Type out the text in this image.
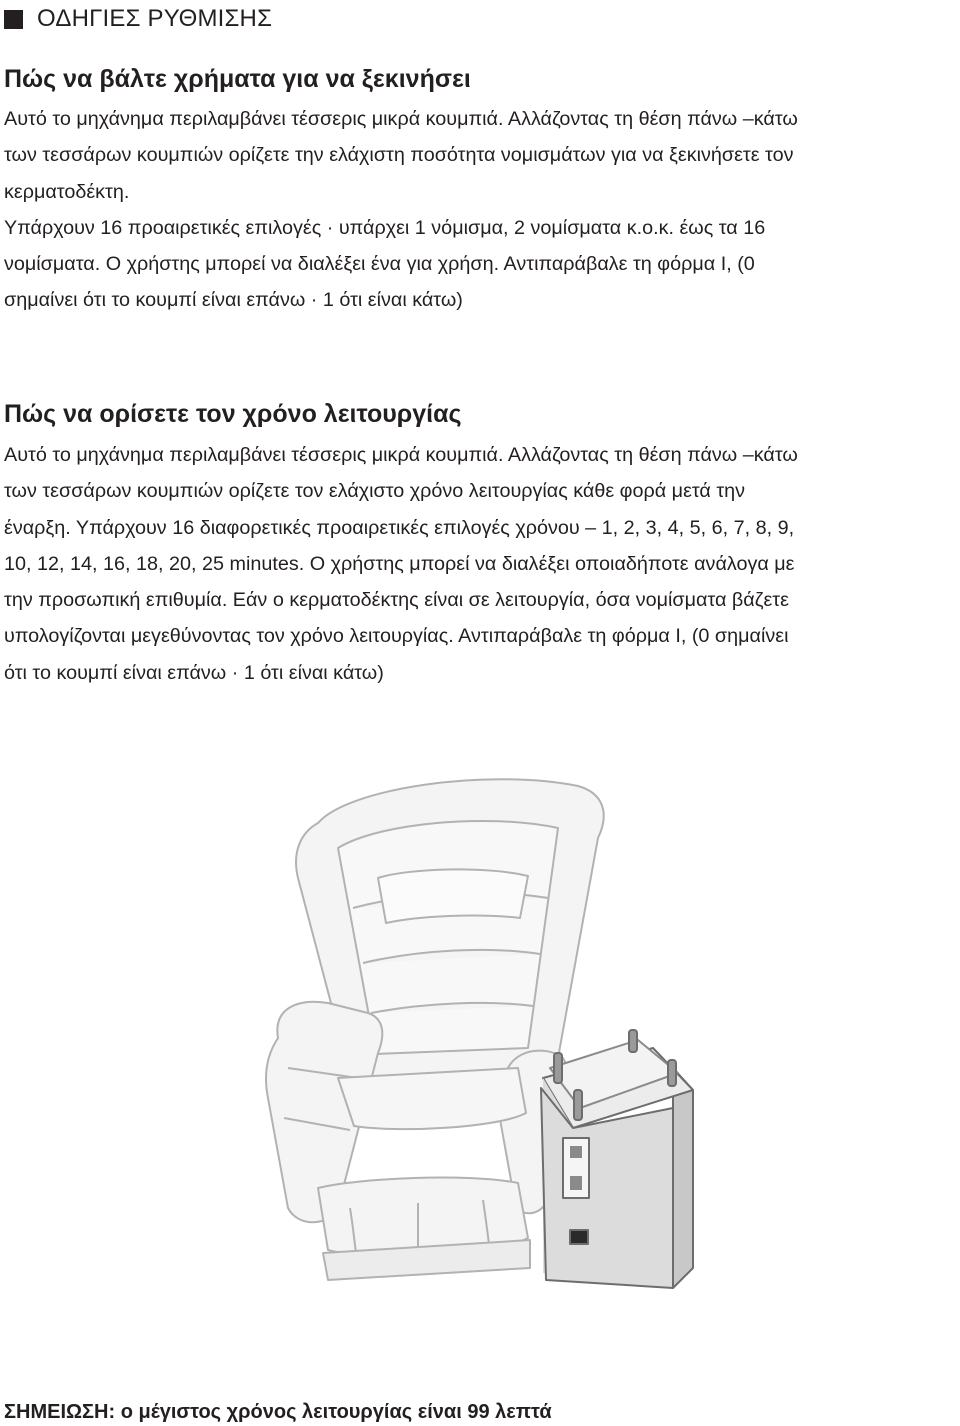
ΟΔΗΓΙΕΣ ΡΥΘΜΙΣΗΣ
Πώς να βάλτε χρήματα για να ξεκινήσει

Αυτό το μηχάνημα περιλαμβάνει τέσσερις μικρά κουμπιά. Αλλάζοντας τη θέση πάνω –κάτω
των τεσσάρων κουμπιών ορίζετε την ελάχιστη ποσότητα νομισμάτων για να ξεκινήσετε τον
κερματοδέκτη.
Υπάρχουν 16 προαιρετικές επιλογές · υπάρχει 1 νόμισμα, 2 νομίσματα κ.ο.κ. έως τα 16
νομίσματα. Ο χρήστης μπορεί να διαλέξει ένα για χρήση. Αντιπαράβαλε τη φόρμα I, (0
σημαίνει ότι το κουμπί είναι επάνω · 1 ότι είναι κάτω)

Πώς να ορίσετε τον χρόνο λειτουργίας

Αυτό το μηχάνημα περιλαμβάνει τέσσερις μικρά κουμπιά. Αλλάζοντας τη θέση πάνω –κάτω
των τεσσάρων κουμπιών ορίζετε τον ελάχιστο χρόνο λειτουργίας κάθε φορά μετά την
έναρξη. Υπάρχουν 16 διαφορετικές προαιρετικές επιλογές χρόνου – 1, 2, 3, 4, 5, 6, 7, 8, 9,
10, 12, 14, 16, 18, 20, 25 minutes. Ο χρήστης μπορεί να διαλέξει οποιαδήποτε ανάλογα με
την προσωπική επιθυμία. Εάν ο κερματοδέκτης είναι σε λειτουργία, όσα νομίσματα βάζετε
υπολογίζονται μεγεθύνοντας τον χρόνο λειτουργίας. Αντιπαράβαλε τη φόρμα I, (0 σημαίνει
ότι το κουμπί είναι επάνω · 1 ότι είναι κάτω)

ΣΗΜΕΙΩΣΗ: ο μέγιστος χρόνος λειτουργίας είναι 99 λεπτά
